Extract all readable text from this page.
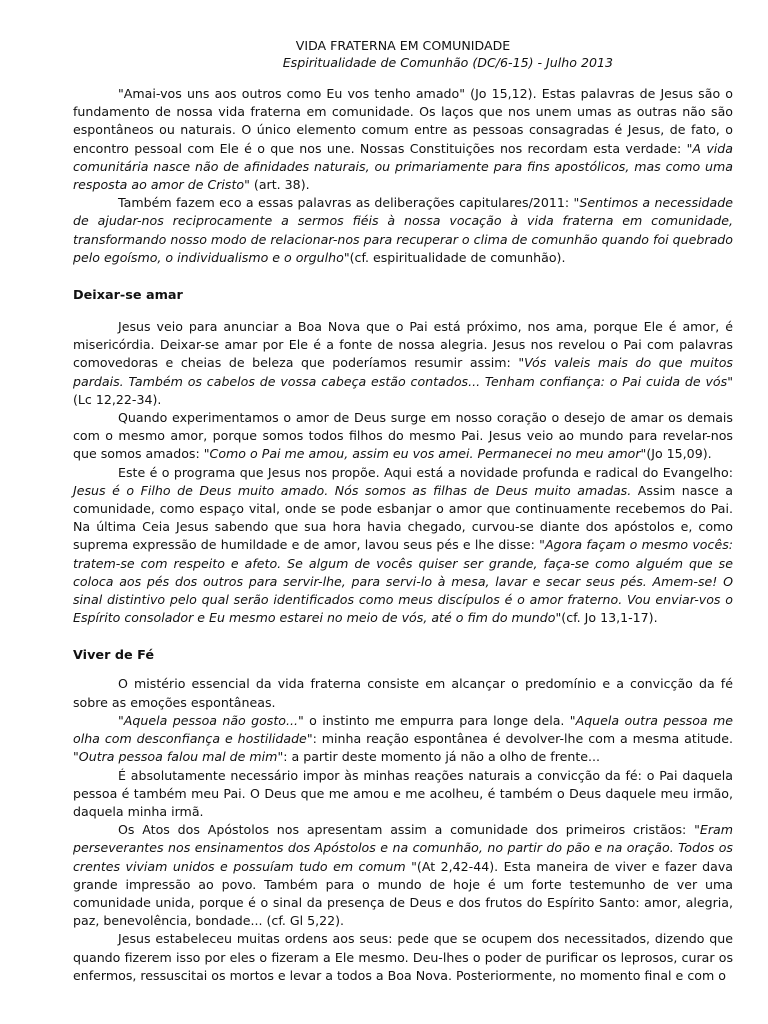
VIDA FRATERNA EM COMUNIDADE
Espiritualidade de Comunhão (DC/6-15) - Julho 2013

"Amai-vos uns aos outros como Eu vos tenho amado" (Jo 15,12). Estas palavras de Jesus são o fundamento de nossa vida fraterna em comunidade. Os laços que nos unem umas as outras não são espontâneos ou naturais. O único elemento comum entre as pessoas consagradas é Jesus, de fato, o encontro pessoal com Ele é o que nos une. Nossas Constituições nos recordam esta verdade: "A vida comunitária nasce não de afinidades naturais, ou primariamente para fins apostólicos, mas como uma resposta ao amor de Cristo" (art. 38).

Também fazem eco a essas palavras as deliberações capitulares/2011: "Sentimos a necessidade de ajudar-nos reciprocamente a sermos fiéis à nossa vocação à vida fraterna em comunidade, transformando nosso modo de relacionar-nos para recuperar o clima de comunhão quando foi quebrado pelo egoísmo, o individualismo e o orgulho"(cf. espiritualidade de comunhão).

Deixar-se amar

Jesus veio para anunciar a Boa Nova que o Pai está próximo, nos ama, porque Ele é amor, é misericórdia. Deixar-se amar por Ele é a fonte de nossa alegria. Jesus nos revelou o Pai com palavras comovedoras e cheias de beleza que poderíamos resumir assim: "Vós valeis mais do que muitos pardais. Também os cabelos de vossa cabeça estão contados... Tenham confiança: o Pai cuida de vós" (Lc 12,22-34).

Quando experimentamos o amor de Deus surge em nosso coração o desejo de amar os demais com o mesmo amor, porque somos todos filhos do mesmo Pai. Jesus veio ao mundo para revelar-nos que somos amados: "Como o Pai me amou, assim eu vos amei. Permanecei no meu amor"(Jo 15,09).

Este é o programa que Jesus nos propõe. Aqui está a novidade profunda e radical do Evangelho: Jesus é o Filho de Deus muito amado. Nós somos as filhas de Deus muito amadas. Assim nasce a comunidade, como espaço vital, onde se pode esbanjar o amor que continuamente recebemos do Pai. Na última Ceia Jesus sabendo que sua hora havia chegado, curvou-se diante dos apóstolos e, como suprema expressão de humildade e de amor, lavou seus pés e lhe disse: "Agora façam o mesmo vocês: tratem-se com respeito e afeto. Se algum de vocês quiser ser grande, faça-se como alguém que se coloca aos pés dos outros para servir-lhe, para servi-lo à mesa, lavar e secar seus pés. Amem-se! O sinal distintivo pelo qual serão identificados como meus discípulos é o amor fraterno. Vou enviar-vos o Espírito consolador e Eu mesmo estarei no meio de vós, até o fim do mundo"(cf. Jo 13,1-17).

Viver de Fé

O mistério essencial da vida fraterna consiste em alcançar o predomínio e a convicção da fé sobre as emoções espontâneas.

"Aquela pessoa não gosto..." o instinto me empurra para longe dela. "Aquela outra pessoa me olha com desconfiança e hostilidade": minha reação espontânea é devolver-lhe com a mesma atitude. "Outra pessoa falou mal de mim": a partir deste momento já não a olho de frente...

É absolutamente necessário impor às minhas reações naturais a convicção da fé: o Pai daquela pessoa é também meu Pai. O Deus que me amou e me acolheu, é também o Deus daquele meu irmão, daquela minha irmã.

Os Atos dos Apóstolos nos apresentam assim a comunidade dos primeiros cristãos: "Eram perseverantes nos ensinamentos dos Apóstolos e na comunhão, no partir do pão e na oração. Todos os crentes viviam unidos e possuíam tudo em comum "(At 2,42-44). Esta maneira de viver e fazer dava grande impressão ao povo. Também para o mundo de hoje é um forte testemunho de ver uma comunidade unida, porque é o sinal da presença de Deus e dos frutos do Espírito Santo: amor, alegria, paz, benevolência, bondade... (cf. Gl 5,22).

Jesus estabeleceu muitas ordens aos seus: pede que se ocupem dos necessitados, dizendo que quando fizerem isso por eles o fizeram a Ele mesmo. Deu-lhes o poder de purificar os leprosos, curar os enfermos, ressuscitai os mortos e levar a todos a Boa Nova. Posteriormente, no momento final e com o
